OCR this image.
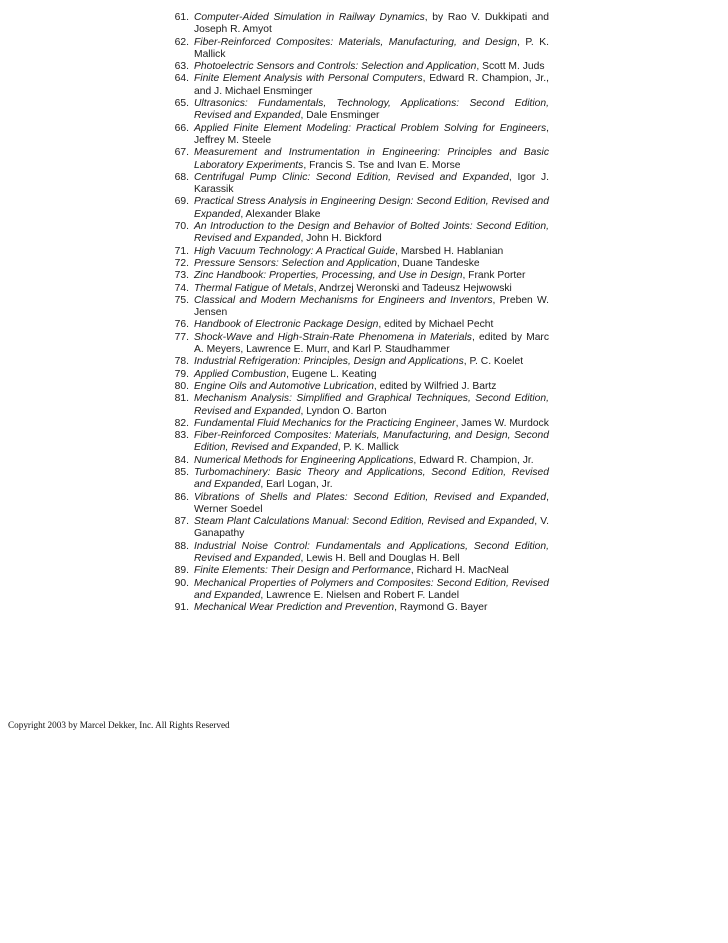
61. Computer-Aided Simulation in Railway Dynamics, by Rao V. Dukkipati and Joseph R. Amyot
62. Fiber-Reinforced Composites: Materials, Manufacturing, and Design, P. K. Mallick
63. Photoelectric Sensors and Controls: Selection and Application, Scott M. Juds
64. Finite Element Analysis with Personal Computers, Edward R. Champion, Jr., and J. Michael Ensminger
65. Ultrasonics: Fundamentals, Technology, Applications: Second Edition, Revised and Expanded, Dale Ensminger
66. Applied Finite Element Modeling: Practical Problem Solving for Engineers, Jeffrey M. Steele
67. Measurement and Instrumentation in Engineering: Principles and Basic Laboratory Experiments, Francis S. Tse and Ivan E. Morse
68. Centrifugal Pump Clinic: Second Edition, Revised and Expanded, Igor J. Karassik
69. Practical Stress Analysis in Engineering Design: Second Edition, Revised and Expanded, Alexander Blake
70. An Introduction to the Design and Behavior of Bolted Joints: Second Edition, Revised and Expanded, John H. Bickford
71. High Vacuum Technology: A Practical Guide, Marsbed H. Hablanian
72. Pressure Sensors: Selection and Application, Duane Tandeske
73. Zinc Handbook: Properties, Processing, and Use in Design, Frank Porter
74. Thermal Fatigue of Metals, Andrzej Weronski and Tadeusz Hejwowski
75. Classical and Modern Mechanisms for Engineers and Inventors, Preben W. Jensen
76. Handbook of Electronic Package Design, edited by Michael Pecht
77. Shock-Wave and High-Strain-Rate Phenomena in Materials, edited by Marc A. Meyers, Lawrence E. Murr, and Karl P. Staudhammer
78. Industrial Refrigeration: Principles, Design and Applications, P. C. Koelet
79. Applied Combustion, Eugene L. Keating
80. Engine Oils and Automotive Lubrication, edited by Wilfried J. Bartz
81. Mechanism Analysis: Simplified and Graphical Techniques, Second Edition, Revised and Expanded, Lyndon O. Barton
82. Fundamental Fluid Mechanics for the Practicing Engineer, James W. Murdock
83. Fiber-Reinforced Composites: Materials, Manufacturing, and Design, Second Edition, Revised and Expanded, P. K. Mallick
84. Numerical Methods for Engineering Applications, Edward R. Champion, Jr.
85. Turbomachinery: Basic Theory and Applications, Second Edition, Revised and Expanded, Earl Logan, Jr.
86. Vibrations of Shells and Plates: Second Edition, Revised and Expanded, Werner Soedel
87. Steam Plant Calculations Manual: Second Edition, Revised and Expanded, V. Ganapathy
88. Industrial Noise Control: Fundamentals and Applications, Second Edition, Revised and Expanded, Lewis H. Bell and Douglas H. Bell
89. Finite Elements: Their Design and Performance, Richard H. MacNeal
90. Mechanical Properties of Polymers and Composites: Second Edition, Revised and Expanded, Lawrence E. Nielsen and Robert F. Landel
91. Mechanical Wear Prediction and Prevention, Raymond G. Bayer

Copyright 2003 by Marcel Dekker, Inc. All Rights Reserved
